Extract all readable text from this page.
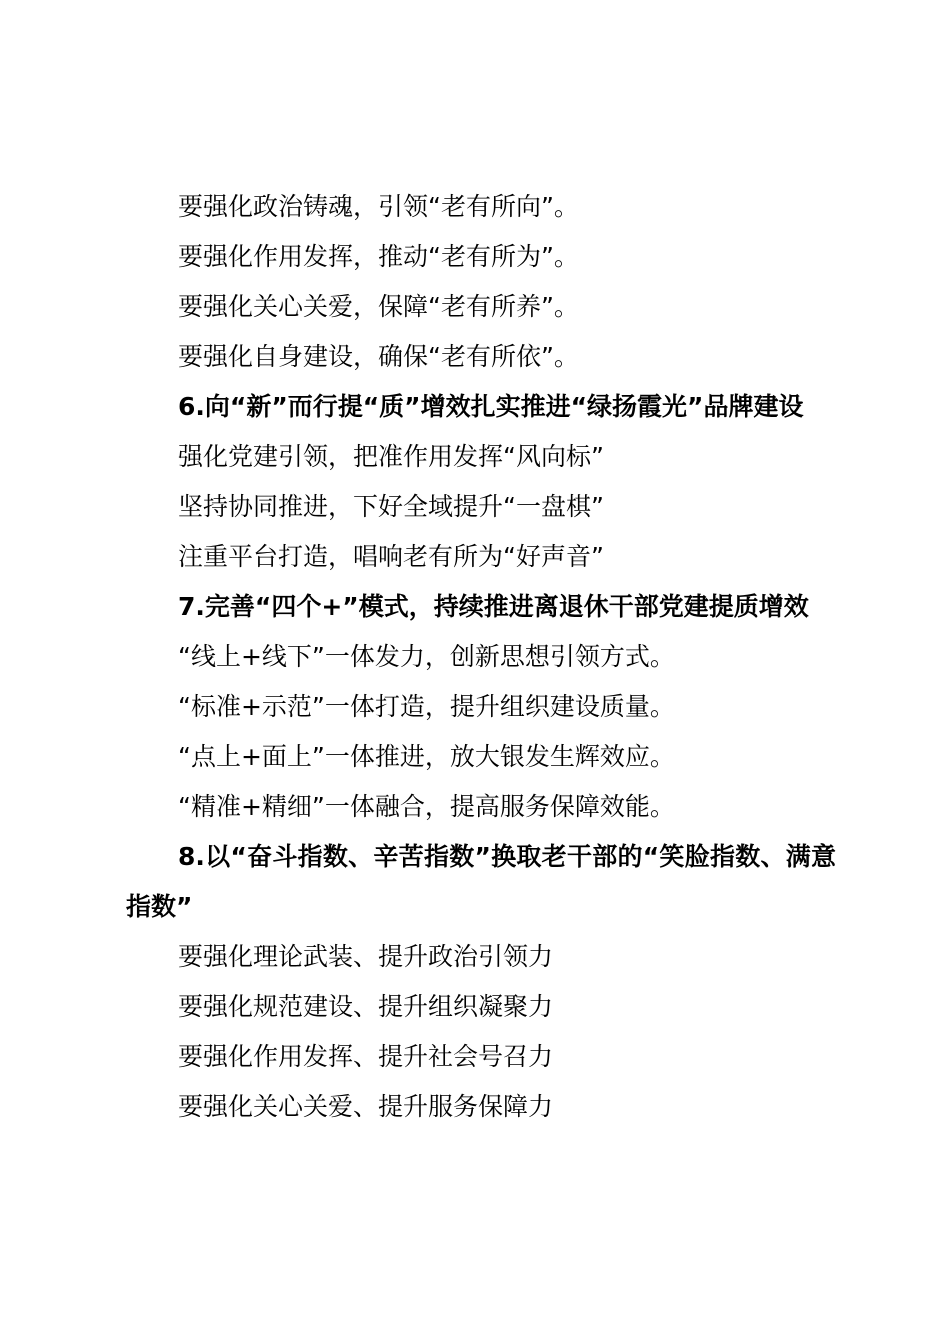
要强化政治铸魂，引领“老有所向”。
要强化作用发挥，推动“老有所为”。
要强化关心关爱，保障“老有所养”。
要强化自身建设，确保“老有所依”。
6.向“新”而行提“质”增效扎实推进“绿扬霞光”品牌建设
强化党建引领，把准作用发挥“风向标”
坚持协同推进，下好全域提升“一盘棋”
注重平台打造，唱响老有所为“好声音”
7.完善“四个+”模式，持续推进离退休干部党建提质增效
“线上+线下”一体发力，创新思想引领方式。
“标准+示范”一体打造，提升组织建设质量。
“点上+面上”一体推进，放大银发生辉效应。
“精准+精细”一体融合，提高服务保障效能。
8.以“奋斗指数、辛苦指数”换取老干部的“笑脸指数、满意指数”
要强化理论武装、提升政治引领力
要强化规范建设、提升组织凝聚力
要强化作用发挥、提升社会号召力
要强化关心关爱、提升服务保障力
